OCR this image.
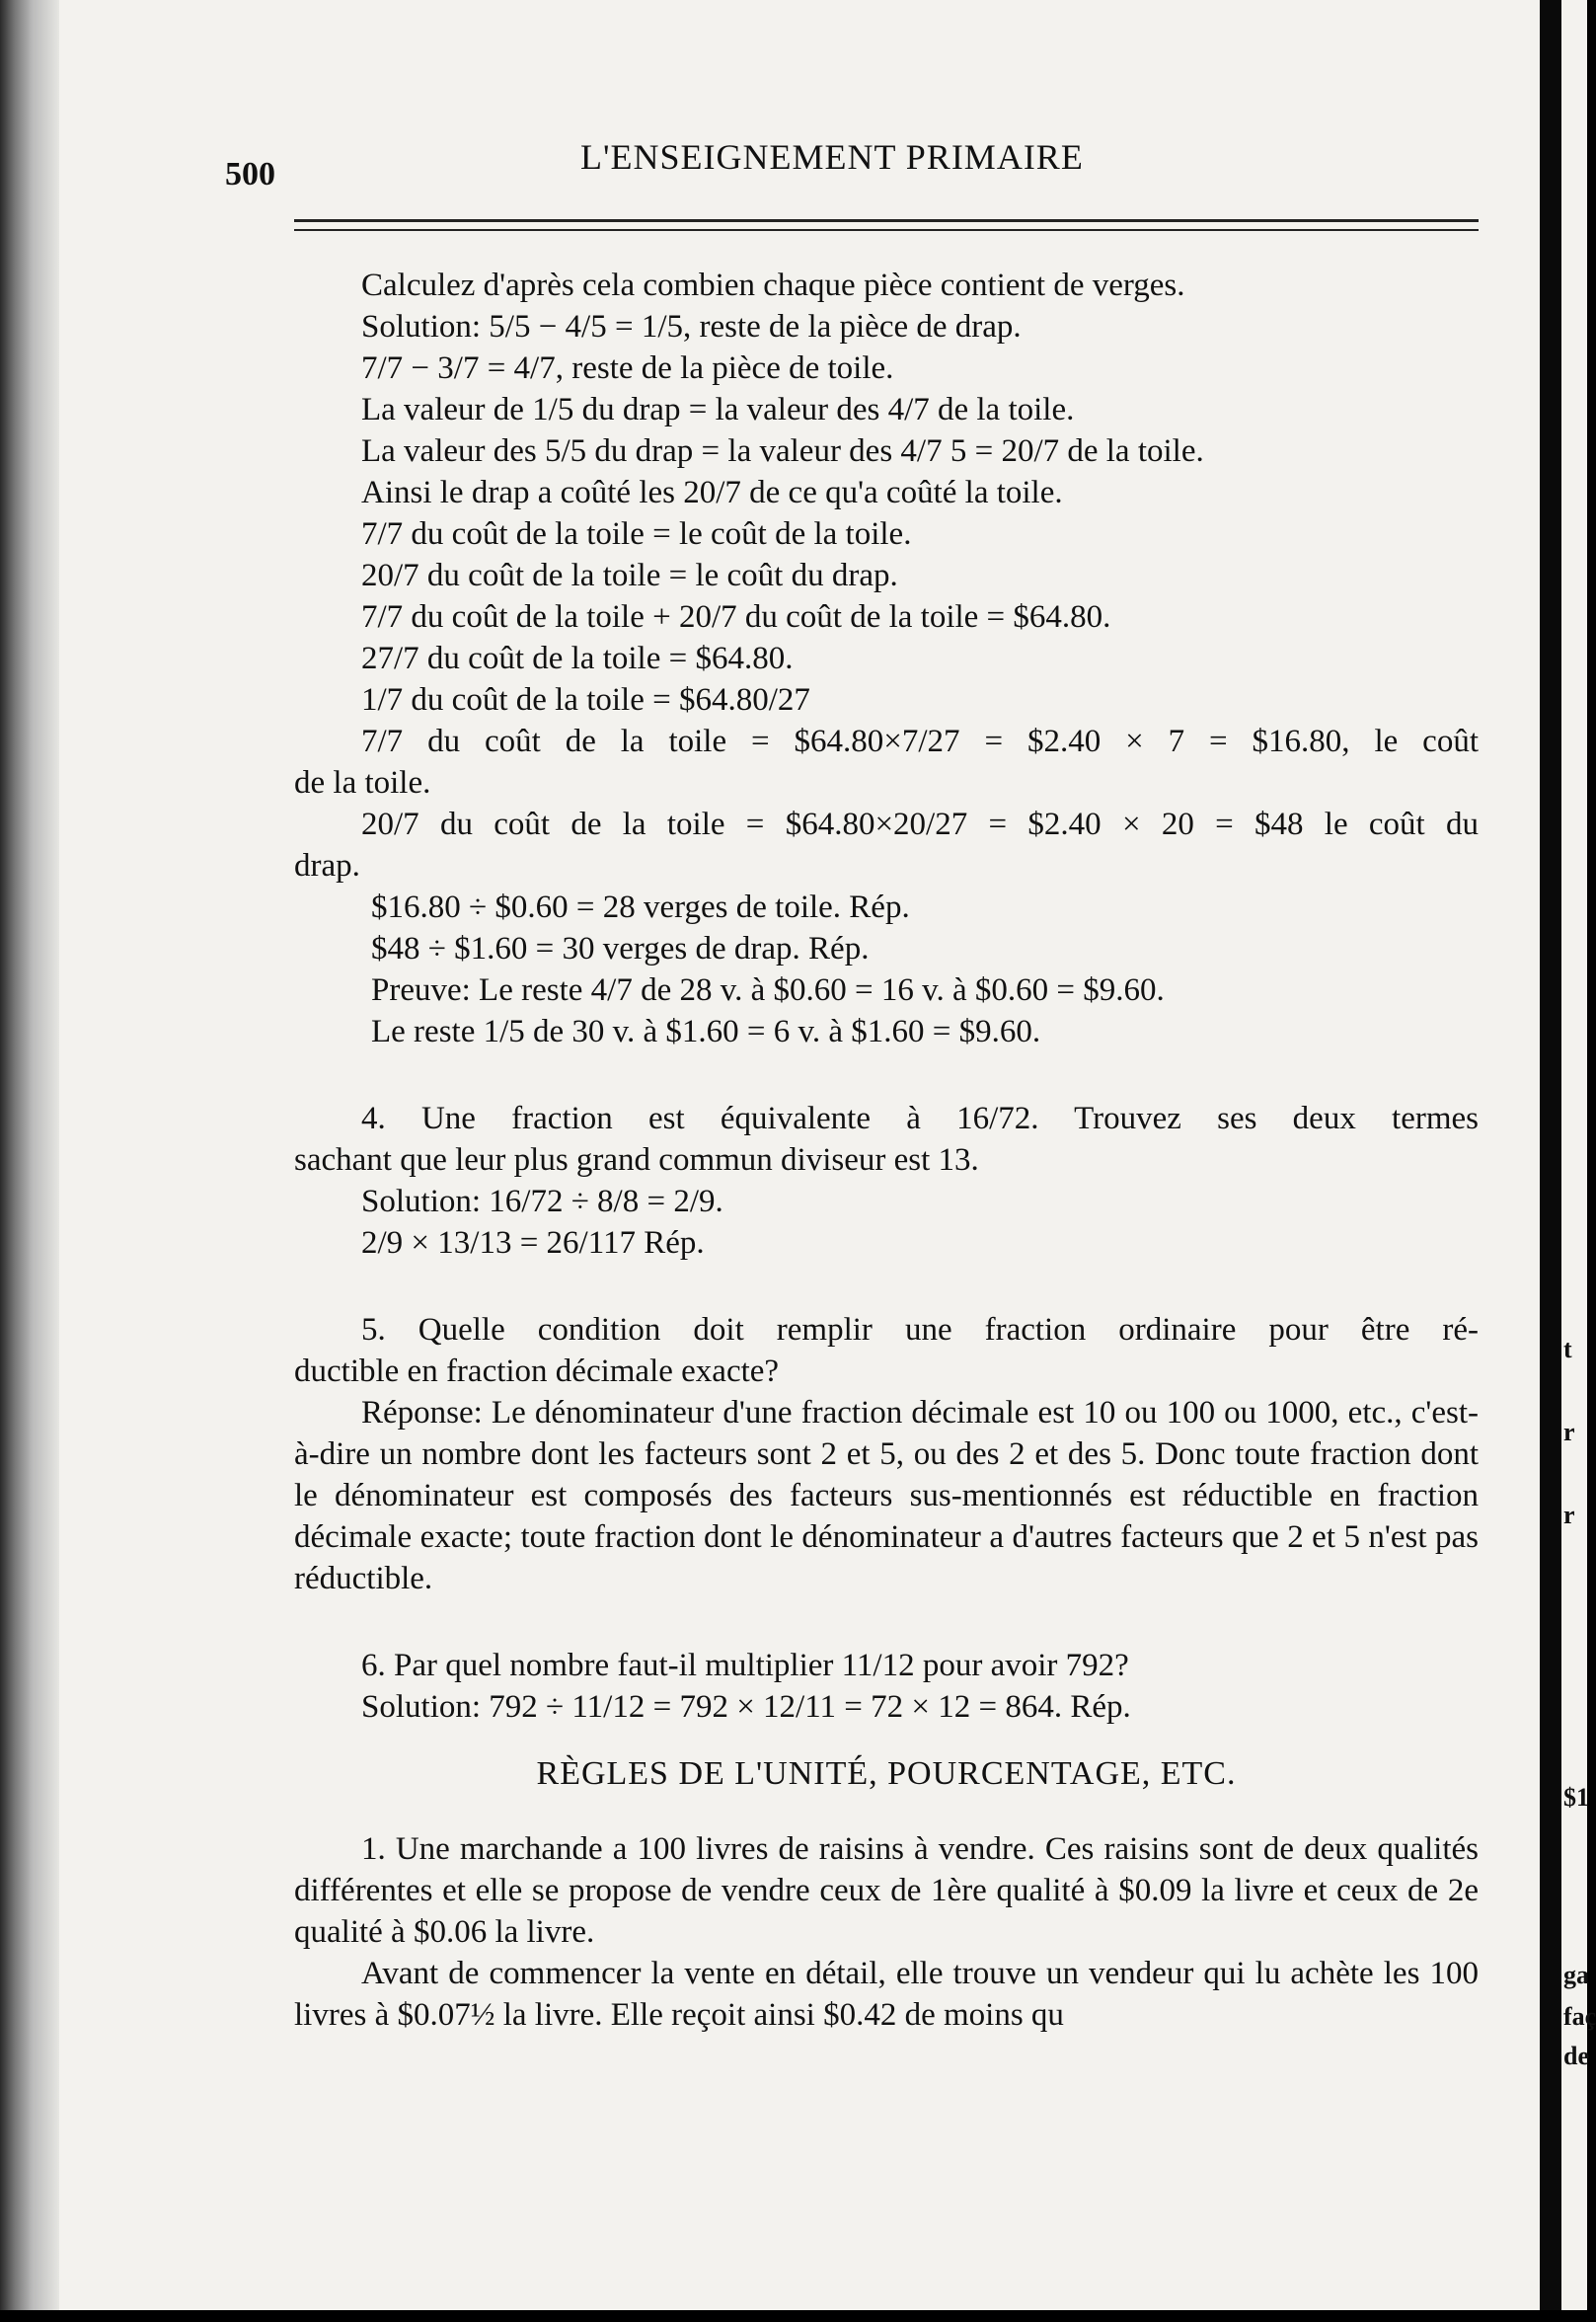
t
r
r
$1
ga
faç
de
500	L'ENSEIGNEMENT PRIMAIRE
Calculez d'après cela combien chaque pièce contient de verges.
Solution: 5/5 − 4/5 = 1/5, reste de la pièce de drap.
7/7 − 3/7 = 4/7, reste de la pièce de toile.
La valeur de 1/5 du drap = la valeur des 4/7 de la toile.
La valeur des 5/5 du drap = la valeur des 4/7 5 = 20/7 de la toile.
Ainsi le drap a coûté les 20/7 de ce qu'a coûté la toile.
7/7 du coût de la toile = le coût de la toile.
20/7 du coût de la toile = le coût du drap.
7/7 du coût de la toile + 20/7 du coût de la toile = $64.80.
27/7 du coût de la toile = $64.80.
1/7 du coût de la toile = $64.80/27
7/7 du coût de la toile = $64.80×7/27 = $2.40 × 7 = $16.80, le coût
de la toile.
20/7 du coût de la toile = $64.80×20/27 = $2.40 × 20 = $48 le coût du
drap.
$16.80 ÷ $0.60 = 28 verges de toile. Rép.
$48 ÷ $1.60 = 30 verges de drap. Rép.
Preuve: Le reste 4/7 de 28 v. à $0.60 = 16 v. à $0.60 = $9.60.
Le reste 1/5 de 30 v. à $1.60 = 6 v. à $1.60 = $9.60.
4. Une fraction est équivalente à 16/72. Trouvez ses deux termes
sachant que leur plus grand commun diviseur est 13.
Solution: 16/72 ÷ 8/8 = 2/9.
2/9 × 13/13 = 26/117 Rép.
5. Quelle condition doit remplir une fraction ordinaire pour être ré-
ductible en fraction décimale exacte?
Réponse: Le dénominateur d'une fraction décimale est 10 ou 100 ou 1000, etc., c'est-à-dire un nombre dont les facteurs sont 2 et 5, ou des 2 et des 5. Donc toute fraction dont le dénominateur est composés des facteurs sus-mentionnés est réductible en fraction décimale exacte; toute fraction dont le dénominateur a d'autres facteurs que 2 et 5 n'est pas réductible.
6. Par quel nombre faut-il multiplier 11/12 pour avoir 792?
Solution: 792 ÷ 11/12 = 792 × 12/11 = 72 × 12 = 864. Rép.
RÈGLES DE L'UNITÉ, POURCENTAGE, ETC.
1. Une marchande a 100 livres de raisins à vendre. Ces raisins sont de deux qualités différentes et elle se propose de vendre ceux de 1ère qualité à $0.09 la livre et ceux de 2e qualité à $0.06 la livre.
Avant de commencer la vente en détail, elle trouve un vendeur qui lu achète les 100 livres à $0.07½ la livre. Elle reçoit ainsi $0.42 de moins qu
